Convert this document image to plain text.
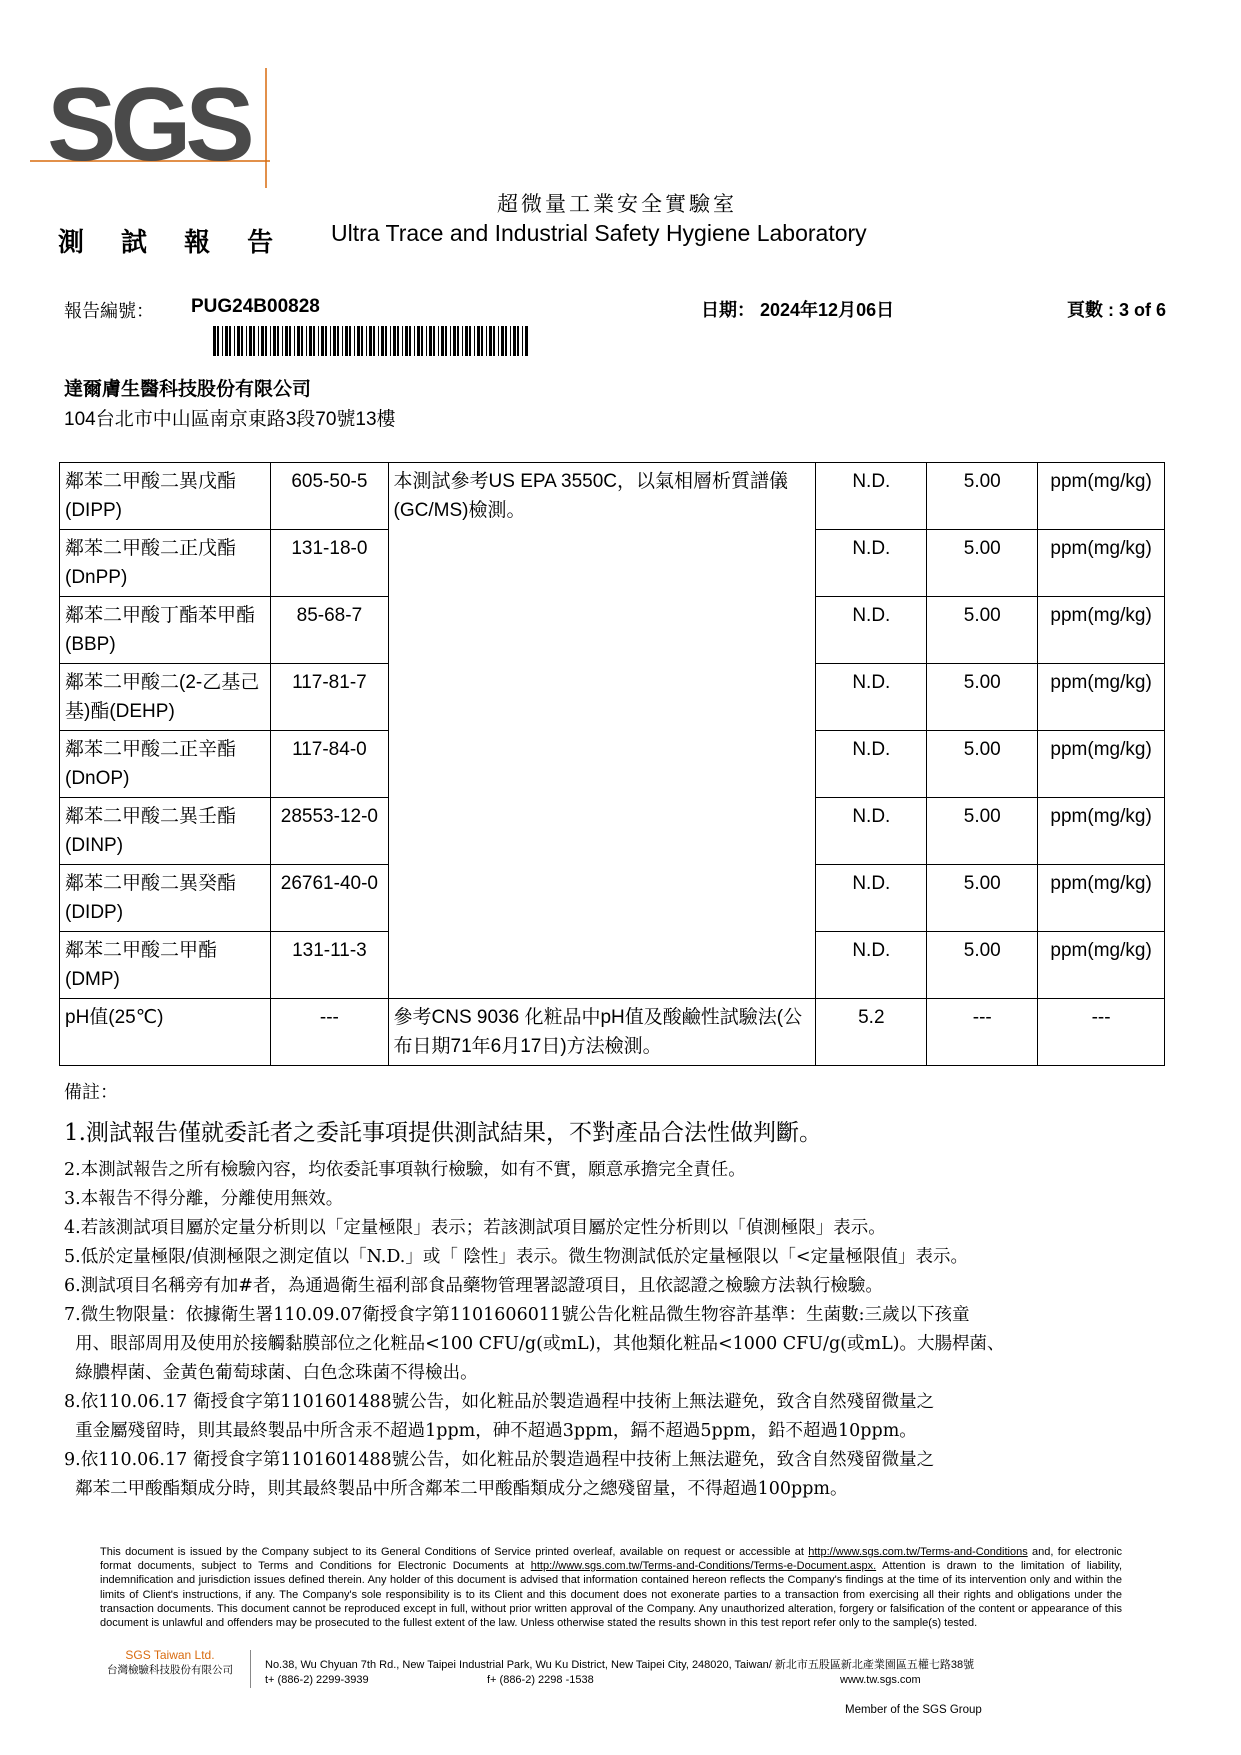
SGS
測 試 報 告
超微量工業安全實驗室
Ultra Trace and Industrial Safety Hygiene Laboratory
報告編號： PUG24B00828	日期： 2024年12月06日	頁數 : 3 of 6
達爾膚生醫科技股份有限公司
104台北市中山區南京東路3段70號13樓
鄰苯二甲酸二異戊酯 (DIPP)	605-50-5	本測試參考US EPA 3550C，以氣相層析質譜儀(GC/MS)檢測。	N.D.	5.00	ppm(mg/kg)
鄰苯二甲酸二正戊酯 (DnPP)	131-18-0		N.D.	5.00	ppm(mg/kg)
鄰苯二甲酸丁酯苯甲酯 (BBP)	85-68-7		N.D.	5.00	ppm(mg/kg)
鄰苯二甲酸二(2-乙基己基)酯(DEHP)	117-81-7		N.D.	5.00	ppm(mg/kg)
鄰苯二甲酸二正辛酯 (DnOP)	117-84-0		N.D.	5.00	ppm(mg/kg)
鄰苯二甲酸二異壬酯 (DINP)	28553-12-0		N.D.	5.00	ppm(mg/kg)
鄰苯二甲酸二異癸酯 (DIDP)	26761-40-0		N.D.	5.00	ppm(mg/kg)
鄰苯二甲酸二甲酯 (DMP)	131-11-3		N.D.	5.00	ppm(mg/kg)
pH值(25℃)	---	參考CNS 9036 化粧品中pH值及酸鹼性試驗法(公布日期71年6月17日)方法檢測。	5.2	---	---
備註：
1.測試報告僅就委託者之委託事項提供測試結果，不對產品合法性做判斷。
2.本測試報告之所有檢驗內容，均依委託事項執行檢驗，如有不實，願意承擔完全責任。
3.本報告不得分離，分離使用無效。
4.若該測試項目屬於定量分析則以「定量極限」表示；若該測試項目屬於定性分析則以「偵測極限」表示。
5.低於定量極限/偵測極限之測定值以「N.D.」或「 陰性」表示。微生物測試低於定量極限以「<定量極限值」表示。
6.測試項目名稱旁有加#者，為通過衛生福利部食品藥物管理署認證項目，且依認證之檢驗方法執行檢驗。
7.微生物限量：依據衛生署110.09.07衛授食字第1101606011號公告化粧品微生物容許基準：生菌數:三歲以下孩童
用、眼部周用及使用於接觸黏膜部位之化粧品<100 CFU/g(或mL)，其他類化粧品<1000 CFU/g(或mL)。大腸桿菌、
綠膿桿菌、金黃色葡萄球菌、白色念珠菌不得檢出。
8.依110.06.17 衛授食字第1101601488號公告，如化粧品於製造過程中技術上無法避免，致含自然殘留微量之
重金屬殘留時，則其最終製品中所含汞不超過1ppm，砷不超過3ppm，鎘不超過5ppm，鉛不超過10ppm。
9.依110.06.17 衛授食字第1101601488號公告，如化粧品於製造過程中技術上無法避免，致含自然殘留微量之
鄰苯二甲酸酯類成分時，則其最終製品中所含鄰苯二甲酸酯類成分之總殘留量，不得超過100ppm。
This document is issued by the Company subject to its General Conditions of Service printed overleaf, available on request or accessible at http://www.sgs.com.tw/Terms-and-Conditions and, for electronic format documents, subject to Terms and Conditions for Electronic Documents at http://www.sgs.com.tw/Terms-and-Conditions/Terms-e-Document.aspx. Attention is drawn to the limitation of liability, indemnification and jurisdiction issues defined therein. Any holder of this document is advised that information contained hereon reflects the Company's findings at the time of its intervention only and within the limits of Client's instructions, if any. The Company's sole responsibility is to its Client and this document does not exonerate parties to a transaction from exercising all their rights and obligations under the transaction documents. This document cannot be reproduced except in full, without prior written approval of the Company. Any unauthorized alteration, forgery or falsification of the content or appearance of this document is unlawful and offenders may be prosecuted to the fullest extent of the law. Unless otherwise stated the results shown in this test report refer only to the sample(s) tested.
SGS Taiwan Ltd.
台灣檢驗科技股份有限公司	No.38, Wu Chyuan 7th Rd., New Taipei Industrial Park, Wu Ku District, New Taipei City, 248020, Taiwan/ 新北市五股區新北產業園區五權七路38號
t+ (886-2) 2299-3939	f+ (886-2) 2298 -1538	www.tw.sgs.com
Member of the SGS Group
